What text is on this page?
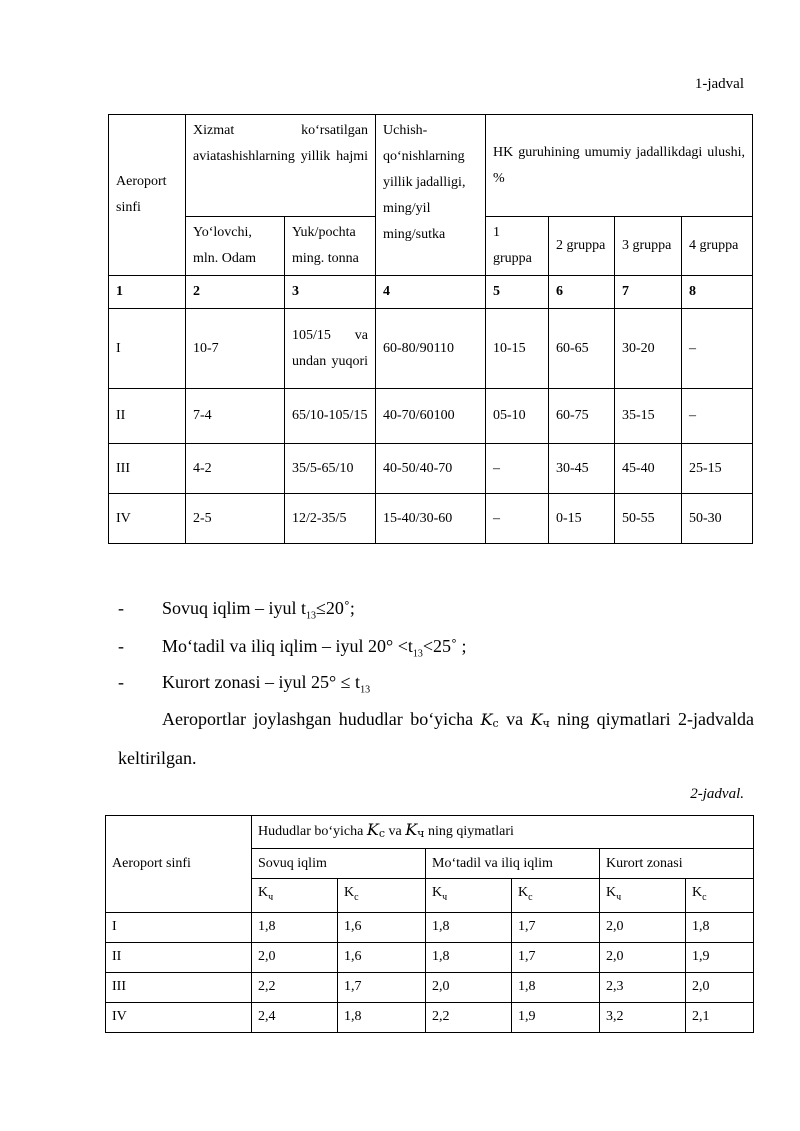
1-jadval
Aeroport sinfi	Xizmat ko‘rsatilgan aviatashishlarning yillik hajmi		Uchish-qo‘nishlarning yillik jadalligi, ming/yil ming/sutka	HK guruhining umumiy jadallikdagi ulushi, %			
	Yo‘lovchi, mln. Odam	Yuk/pochta ming. tonna		1 gruppa	2 gruppa	3 gruppa	4 gruppa
1	2	3	4	5	6	7	8
I	10-7	105/15 va undan yuqori	60-80/90110	10-15	60-65	30-20	–
II	7-4	65/10-105/15	40-70/60100	05-10	60-75	35-15	–
III	4-2	35/5-65/10	40-50/40-70	–	30-45	45-40	25-15
IV	2-5	12/2-35/5	15-40/30-60	–	0-15	50-55	50-30
- Sovuq iqlim – iyul $t_{13}\le 20˚$;
- Mo‘tadil va iliq iqlim – iyul $20^\circ <t_{13}<25˚$ ;
- Kurort zonasi – iyul $25^\circ \le t_{13}$
Aeroportlar joylashgan hududlar bo‘yicha Kc va Kч ning qiymatlari 2-jadvalda keltirilgan.
2-jadval.
Aeroport sinfi	Hududlar bo‘yicha Kc va Kч ning qiymatlari					
	Sovuq iqlim		Mo‘tadil va iliq iqlim		Kurort zonasi	
	$K_ч$	$K_c$	$K_ч$	$K_c$	$K_ч$	$K_c$
I	1,8	1,6	1,8	1,7	2,0	1,8
II	2,0	1,6	1,8	1,7	2,0	1,9
III	2,2	1,7	2,0	1,8	2,3	2,0
IV	2,4	1,8	2,2	1,9	3,2	2,1
